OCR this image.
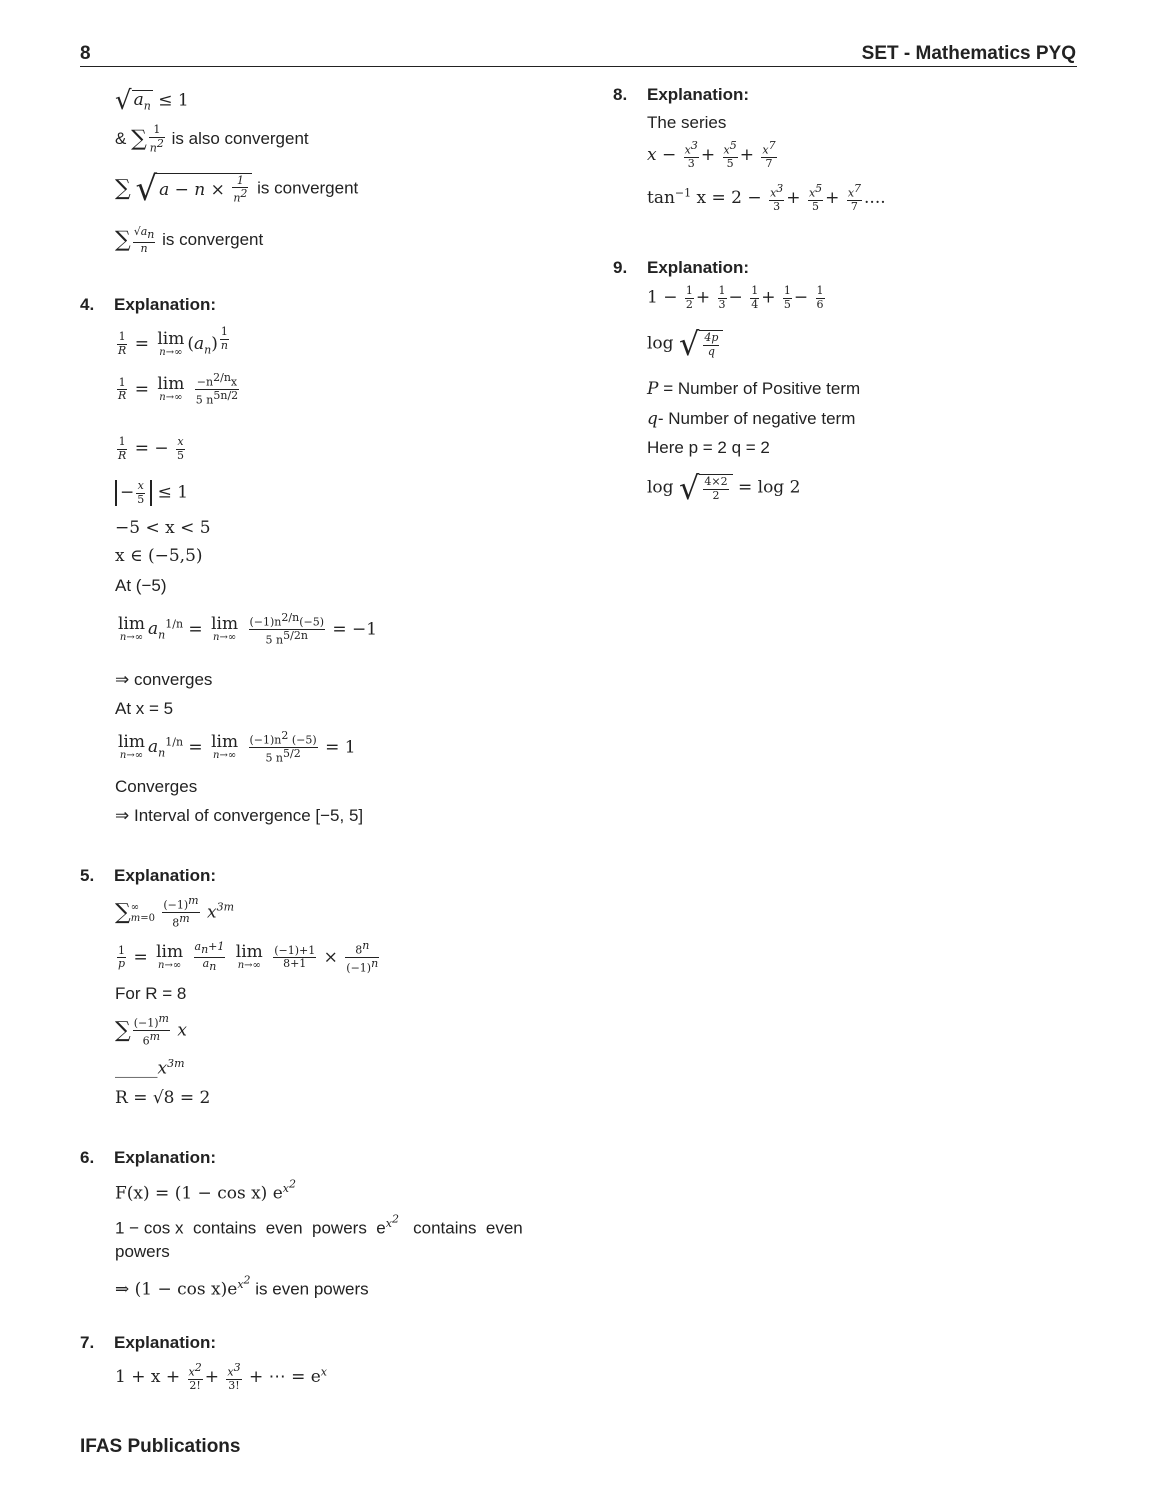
8	SET - Mathematics PYQ
√ $a_n \le 1$
& ∑ $\frac{1}{n^2}$ is also convergent
∑ √ $a - n \times \frac{1}{n^2}$ is convergent
∑ $\frac{√a_n}{n}$ is convergent
4. Explanation:
$\frac{1}{R} = \lim$
n→∞ $(a_n)$ $^{\frac{1}{n}}$
$\frac{1}{R} = \lim$
n→∞
$\frac{-n^{2/n}x}{5 n^{5n/2}}$
$\frac{1}{R}$ = − $\frac{x}{5}$
− $\frac{x}{5} \le 1$
−5 < x < 5
x ∈ (−5,5)
At (−5)
lim
n→∞ $a_n^{1/n} = \lim$
n→∞
$\frac{(-1)n^{2/n}(-5)}{5 n^{5/2n}} = -1$
⇒ converges
At x = 5
lim
n→∞ $a_n^{1/n} = \lim$
n→∞
$\frac{(-1)n^2 (-5)}{5 n^{5/2}} = 1$
Converges
⇒ Interval of convergence [−5, 5]
5. Explanation:
∑∞
$m=0 \frac{(-1)^m}{8^m} x^{3m}$
$\frac{1}{p} = \lim$
n→∞
$\frac{a_n+1}{a_n}$
lim
n→∞
$\frac{(-1)+1}{8+1} \times \frac{8^n}{(-1)^n}$
For R = 8
∑ $\frac{(-1)^m}{6^m}$ x
$\_\_\_\_\_x^{3m}$
R = √8 = 2
6. Explanation:
F(x) = (1 − cos x) $e^{x^2}$
1 − cos x  contains  even  powers  $e^{x^2}$ contains  even
powers
⇒ $(1 - \cos x)e^{x^2}$ is even powers
7. Explanation:
$1 + x + \frac{x^2}{2!} + \frac{x^3}{3!}$ + ⋯ = $e^x$
8. Explanation:
The series
$x - \frac{x^3}{3} + \frac{x^5}{5} + \frac{x^7}{7}$
$\tan^{-1} x = 2 - \frac{x^3}{3} + \frac{x^5}{5} + \frac{x^7}{7}$ ....
9. Explanation:
$1 - \frac{1}{2} + \frac{1}{3} - \frac{1}{4} + \frac{1}{5} - \frac{1}{6}$
log √ $\frac{4p}{q}$
P = Number of Positive term
q- Number of negative term
Here p = 2 q = 2
log √ $\frac{4\times 2}{2} = \log 2$
IFAS Publications
